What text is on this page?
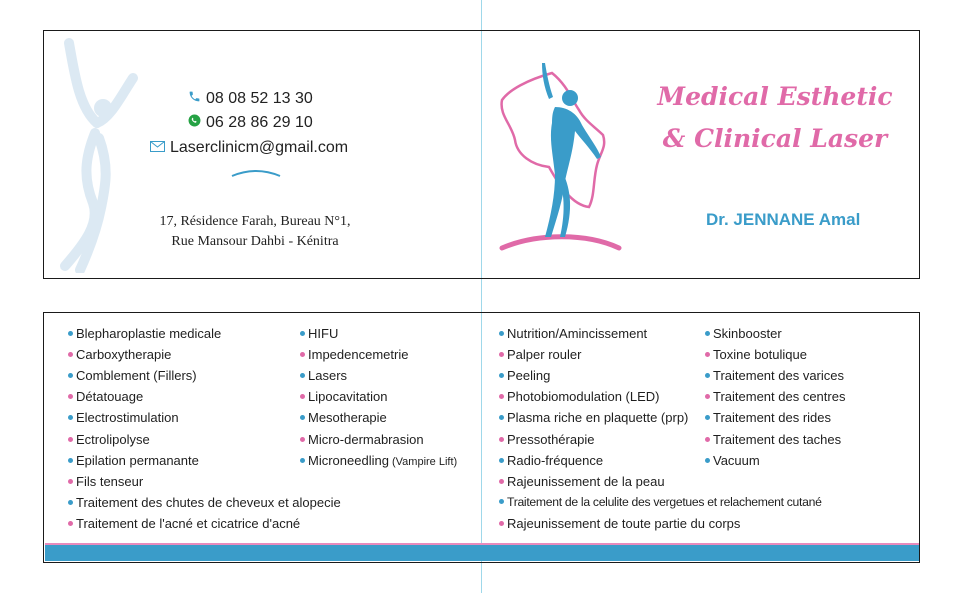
08 08 52 13 30
06 28 86 29 10
Laserclinicm@gmail.com
17, Résidence Farah, Bureau N°1,
Rue Mansour Dahbi - Kénitra
Medical Esthetic
& Clinical Laser
Dr. JENNANE Amal
Blepharoplastie medicale
Carboxytherapie
Comblement (Fillers)
Détatouage
Electrostimulation
Ectrolipolyse
Epilation permanante
Fils tenseur
Traitement des chutes de cheveux et alopecie
Traitement de l'acné et cicatrice d'acné
HIFU
Impedencemetrie
Lasers
Lipocavitation
Mesotherapie
Micro-dermabrasion
Microneedling (Vampire Lift)
Nutrition/Amincissement
Palper rouler
Peeling
Photobiomodulation (LED)
Plasma riche en plaquette (prp)
Pressothérapie
Radio-fréquence
Rajeunissement de la peau
Traitement de la celulite des vergetues et relachement cutané
Rajeunissement de toute partie du corps
Skinbooster
Toxine botulique
Traitement des varices
Traitement des centres
Traitement des rides
Traitement des taches
Vacuum
